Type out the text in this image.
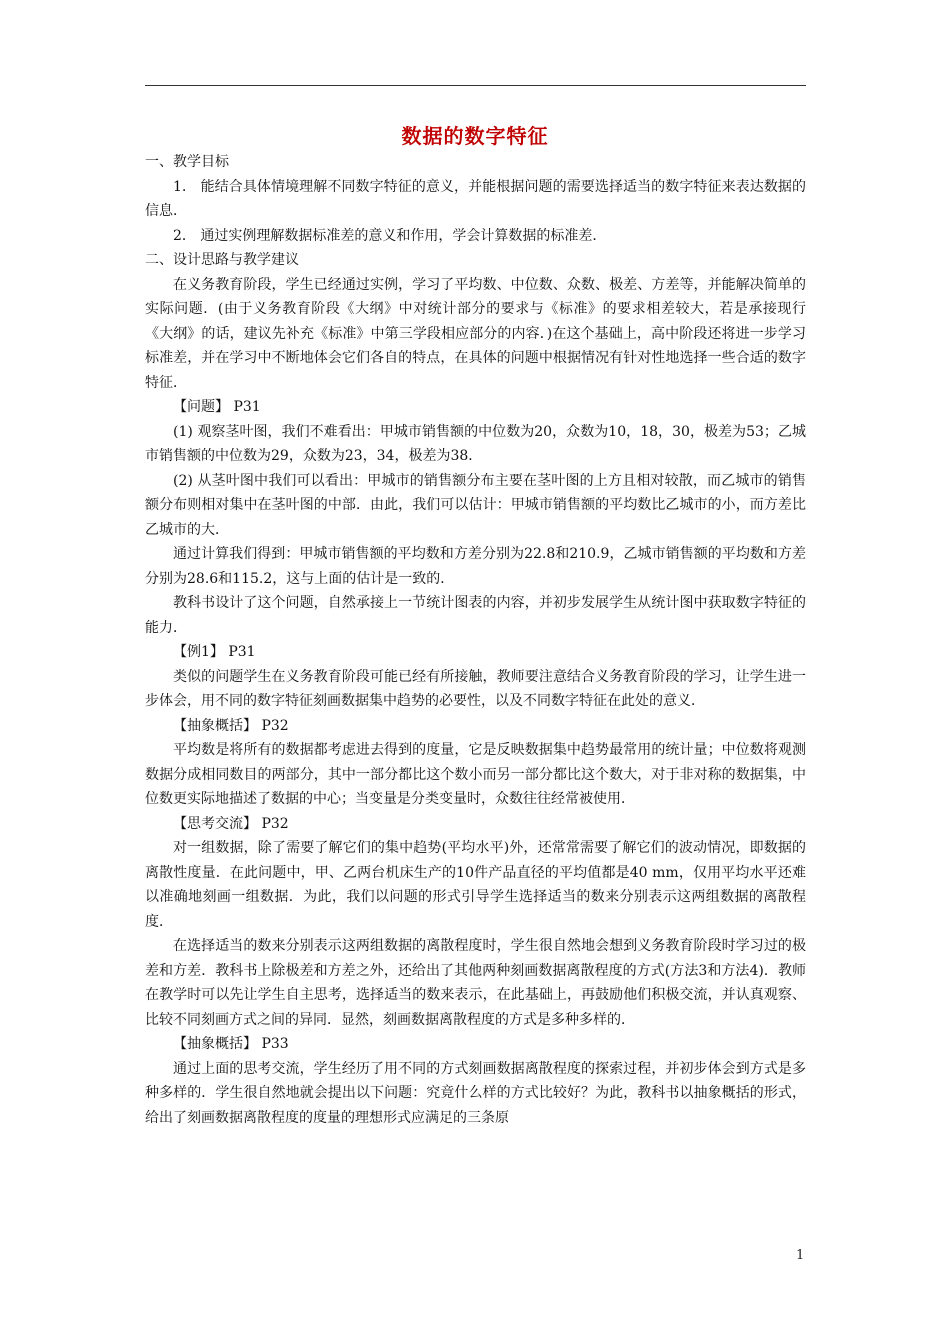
数据的数字特征

一、教学目标

1． 能结合具体情境理解不同数字特征的意义，并能根据问题的需要选择适当的数字特征来表达数据的信息．

2． 通过实例理解数据标准差的意义和作用，学会计算数据的标准差．

二、设计思路与教学建议

在义务教育阶段，学生已经通过实例，学习了平均数、中位数、众数、极差、方差等，并能解决简单的实际问题．(由于义务教育阶段《大纲》中对统计部分的要求与《标准》的要求相差较大，若是承接现行《大纲》的话，建议先补充《标准》中第三学段相应部分的内容．)在这个基础上，高中阶段还将进一步学习标准差，并在学习中不断地体会它们各自的特点，在具体的问题中根据情况有针对性地选择一些合适的数字特征．

【问题】 P31

(1) 观察茎叶图，我们不难看出：甲城市销售额的中位数为20，众数为10，18，30，极差为53；乙城市销售额的中位数为29，众数为23，34，极差为38．

(2) 从茎叶图中我们可以看出：甲城市的销售额分布主要在茎叶图的上方且相对较散，而乙城市的销售额分布则相对集中在茎叶图的中部．由此，我们可以估计：甲城市销售额的平均数比乙城市的小，而方差比乙城市的大．

通过计算我们得到：甲城市销售额的平均数和方差分别为22.8和210.9，乙城市销售额的平均数和方差分别为28.6和115.2，这与上面的估计是一致的．

教科书设计了这个问题，自然承接上一节统计图表的内容，并初步发展学生从统计图中获取数字特征的能力．

【例1】 P31

类似的问题学生在义务教育阶段可能已经有所接触，教师要注意结合义务教育阶段的学习，让学生进一步体会，用不同的数字特征刻画数据集中趋势的必要性，以及不同数字特征在此处的意义．

【抽象概括】 P32

平均数是将所有的数据都考虑进去得到的度量，它是反映数据集中趋势最常用的统计量；中位数将观测数据分成相同数目的两部分，其中一部分都比这个数小而另一部分都比这个数大，对于非对称的数据集，中位数更实际地描述了数据的中心；当变量是分类变量时，众数往往经常被使用．

【思考交流】 P32

对一组数据，除了需要了解它们的集中趋势(平均水平)外，还常常需要了解它们的波动情况，即数据的离散性度量．在此问题中，甲、乙两台机床生产的10件产品直径的平均值都是40 mm，仅用平均水平还难以准确地刻画一组数据．为此，我们以问题的形式引导学生选择适当的数来分别表示这两组数据的离散程度．

在选择适当的数来分别表示这两组数据的离散程度时，学生很自然地会想到义务教育阶段时学习过的极差和方差．教科书上除极差和方差之外，还给出了其他两种刻画数据离散程度的方式(方法3和方法4)．教师在教学时可以先让学生自主思考，选择适当的数来表示，在此基础上，再鼓励他们积极交流，并认真观察、比较不同刻画方式之间的异同．显然，刻画数据离散程度的方式是多种多样的．

【抽象概括】 P33

通过上面的思考交流，学生经历了用不同的方式刻画数据离散程度的探索过程，并初步体会到方式是多种多样的．学生很自然地就会提出以下问题：究竟什么样的方式比较好？为此，教科书以抽象概括的形式，给出了刻画数据离散程度的度量的理想形式应满足的三条原

1
